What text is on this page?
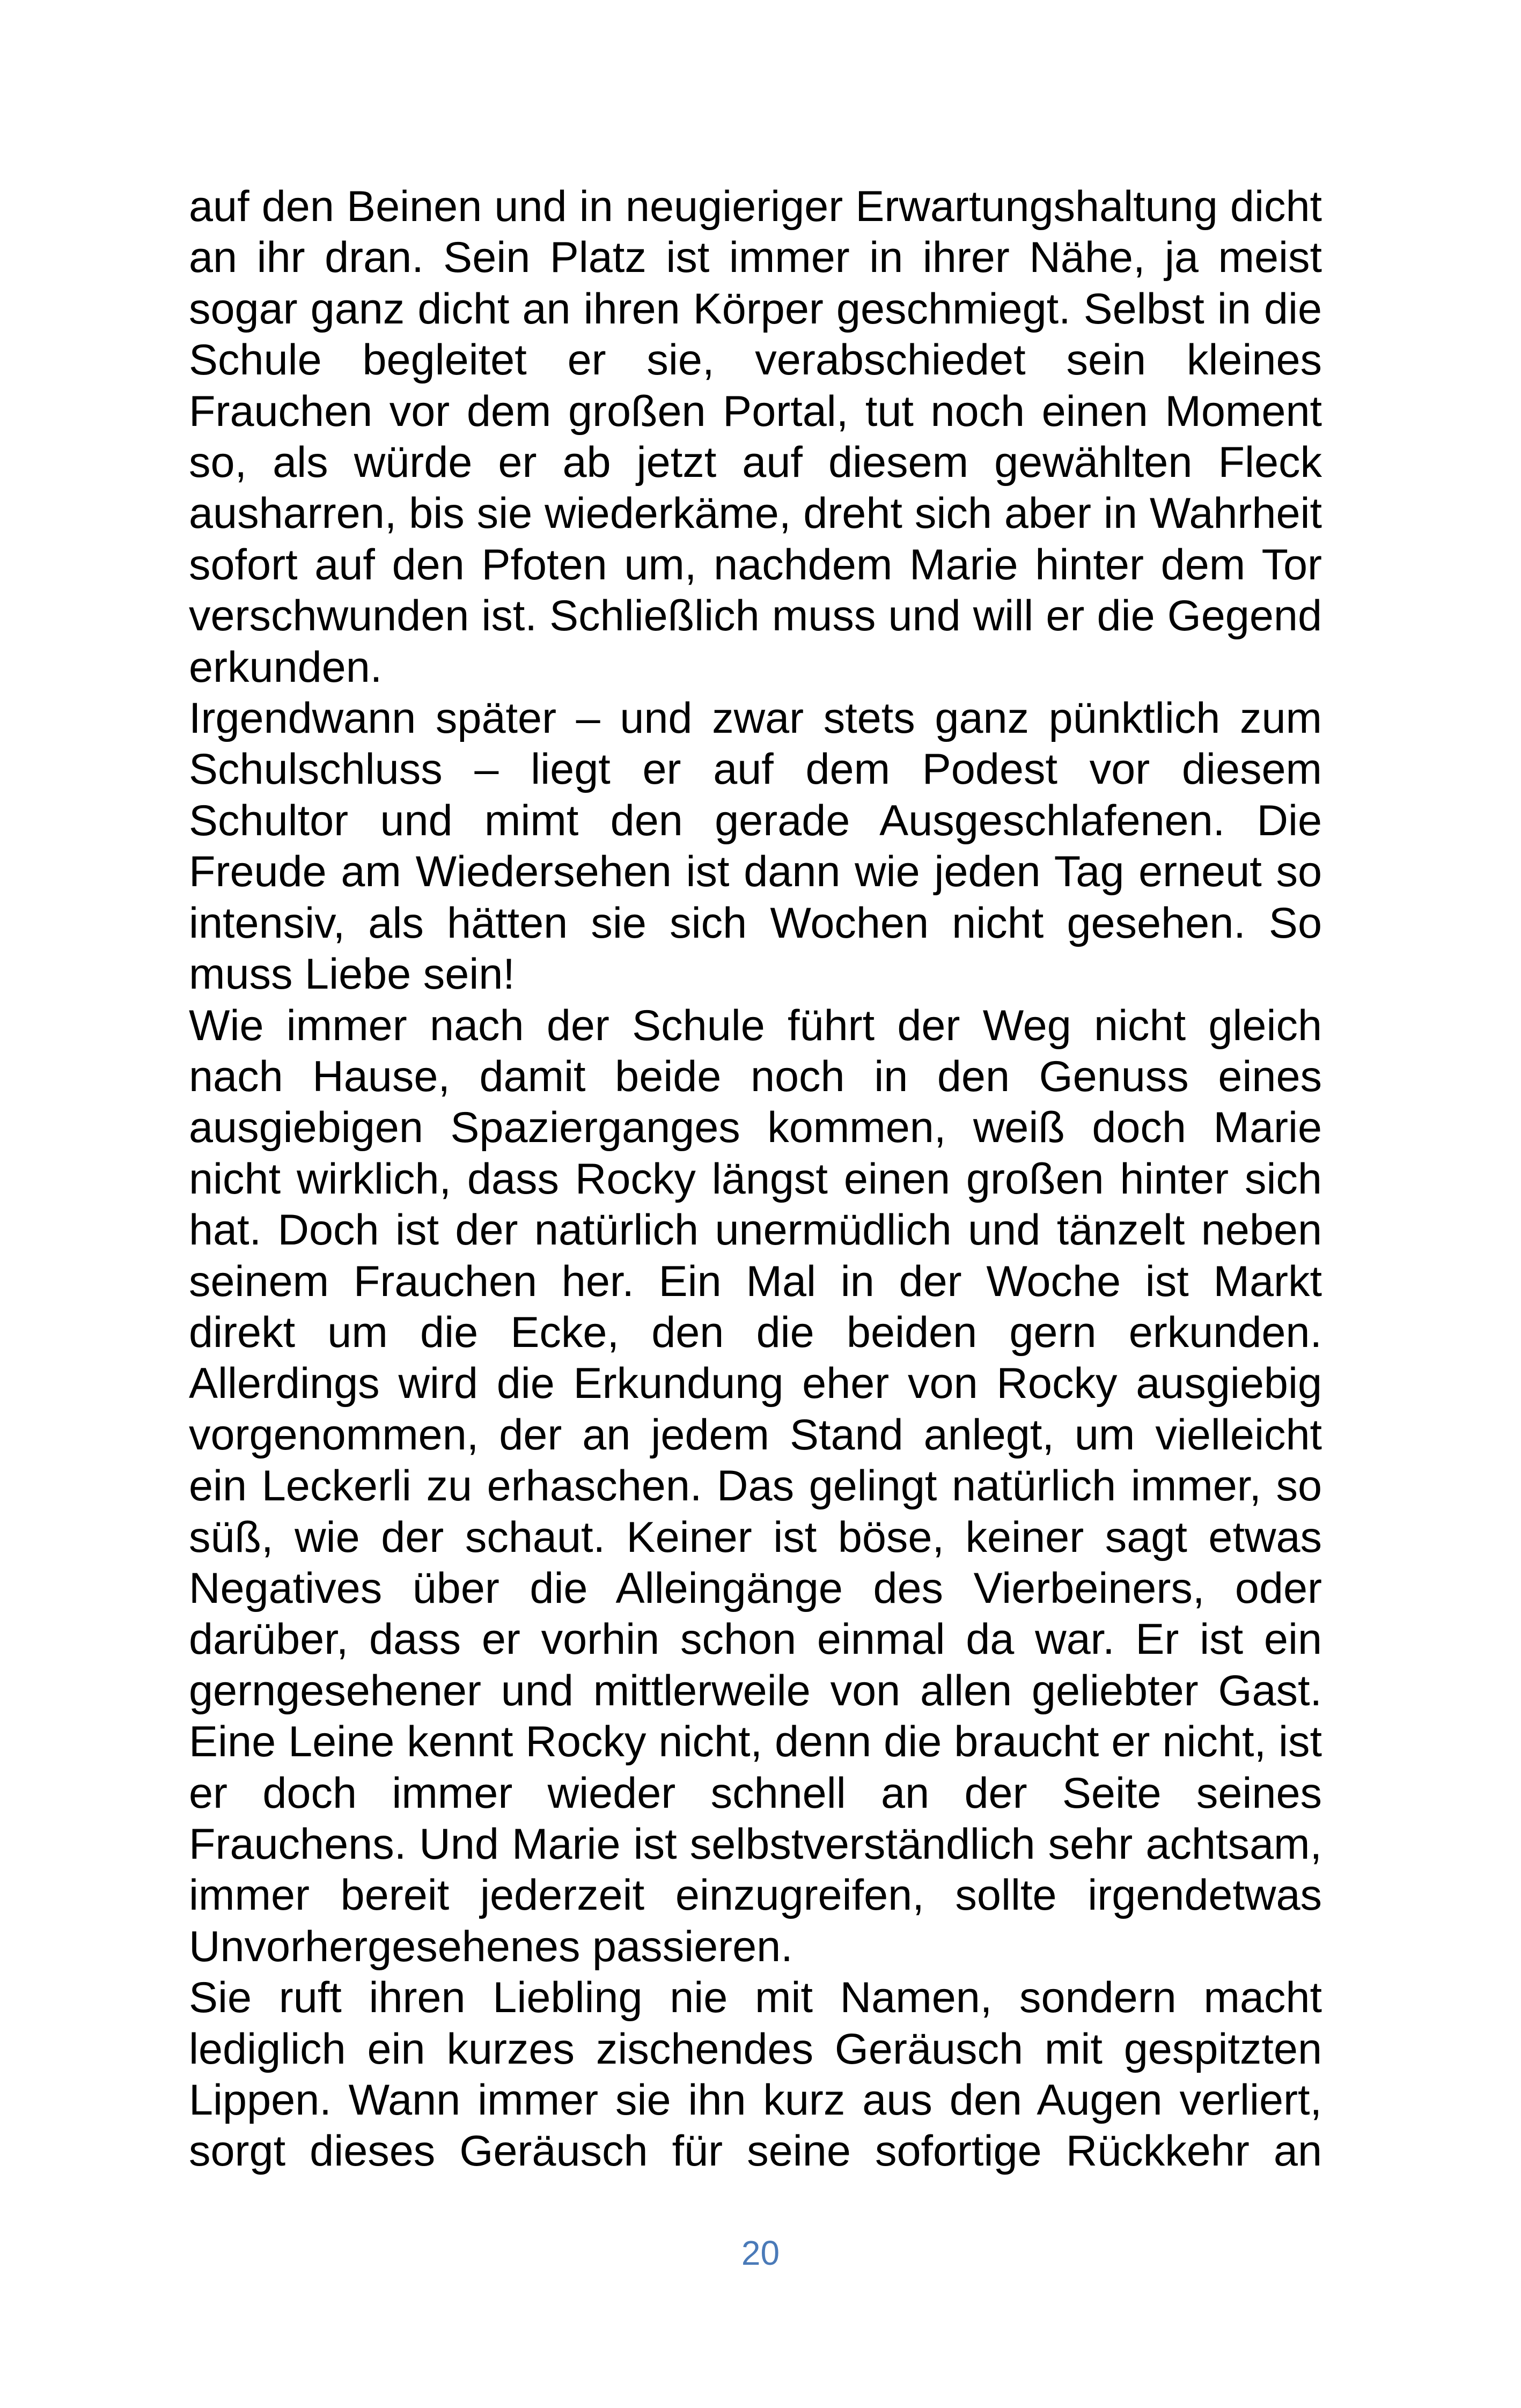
auf den Beinen und in neugieriger Erwartungshaltung dicht an ihr dran. Sein Platz ist immer in ihrer Nähe, ja meist sogar ganz dicht an ihren Körper geschmiegt. Selbst in die Schule begleitet er sie, verabschiedet sein kleines Frauchen vor dem großen Portal, tut noch einen Moment so, als würde er ab jetzt auf diesem gewählten Fleck ausharren, bis sie wiederkäme, dreht sich aber in Wahrheit sofort auf den Pfoten um, nachdem Marie hinter dem Tor verschwunden ist. Schließlich muss und will er die Gegend erkunden.

Irgendwann später – und zwar stets ganz pünktlich zum Schulschluss – liegt er auf dem Podest vor diesem Schultor und mimt den gerade Ausgeschlafenen. Die Freude am Wiedersehen ist dann wie jeden Tag erneut so intensiv, als hätten sie sich Wochen nicht gesehen. So muss Liebe sein!

Wie immer nach der Schule führt der Weg nicht gleich nach Hause, damit beide noch in den Genuss eines ausgiebigen Spazierganges kommen, weiß doch Marie nicht wirklich, dass Rocky längst einen großen hinter sich hat. Doch ist der natürlich unermüdlich und tänzelt neben seinem Frauchen her. Ein Mal in der Woche ist Markt direkt um die Ecke, den die beiden gern erkunden. Allerdings wird die Erkundung eher von Rocky ausgiebig vorgenommen, der an jedem Stand anlegt, um vielleicht ein Leckerli zu erhaschen. Das gelingt natürlich immer, so süß, wie der schaut. Keiner ist böse, keiner sagt etwas Negatives über die Alleingänge des Vierbeiners, oder darüber, dass er vorhin schon einmal da war. Er ist ein gerngesehener und mittlerweile von allen geliebter Gast. Eine Leine kennt Rocky nicht, denn die braucht er nicht, ist er doch immer wieder schnell an der Seite seines Frauchens. Und Marie ist selbstverständlich sehr achtsam, immer bereit jederzeit einzugreifen, sollte irgendetwas Unvorhergesehenes passieren.

Sie ruft ihren Liebling nie mit Namen, sondern macht lediglich ein kurzes zischendes Geräusch mit gespitzten Lippen. Wann immer sie ihn kurz aus den Augen verliert, sorgt dieses Geräusch für seine sofortige Rückkehr an

20
